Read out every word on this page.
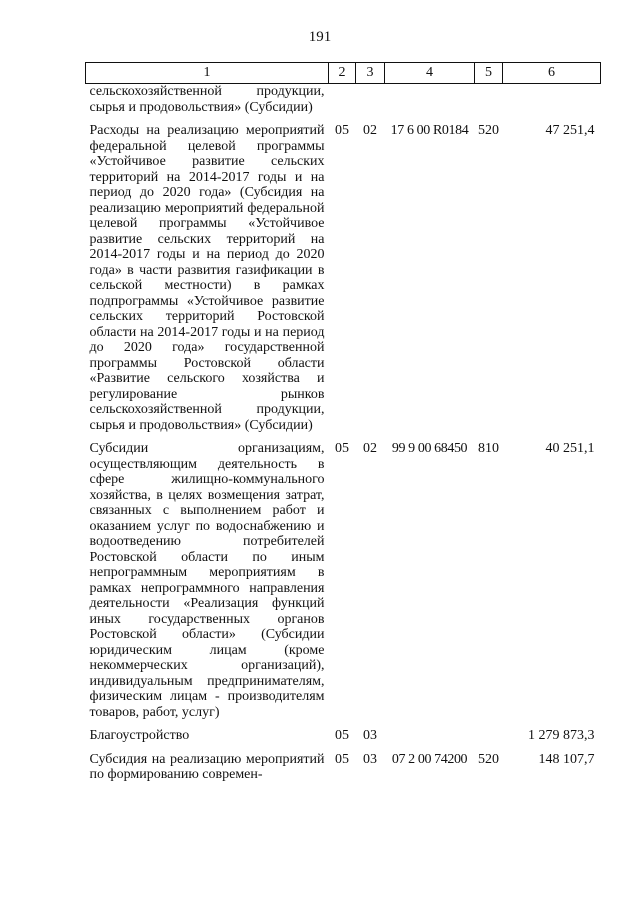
191
1	2	3	4	5	6
сельскохозяйственной продукции, сырья и продовольствия» (Субсидии)					
Расходы на реализацию мероприятий федеральной целевой программы «Устойчивое развитие сельских территорий на 2014-2017 годы и на период до 2020 года» (Субсидия на реализацию мероприятий федеральной целевой программы «Устойчивое развитие сельских территорий на 2014-2017 годы и на период до 2020 года» в части развития газификации в сельской местности) в рамках подпрограммы «Устойчивое развитие сельских территорий Ростовской области на 2014-2017 годы и на период до 2020 года» государственной программы Ростовской области «Развитие сельского хозяйства и регулирование рынков сельскохозяйственной продукции, сырья и продовольствия» (Субсидии)	05	02	17 6 00 R0184	520	47 251,4
Субсидии организациям, осуществляющим деятельность в сфере жилищно-коммунального хозяйства, в целях возмещения затрат, связанных с выполнением работ и оказанием услуг по водоснабжению и водоотведению потребителей Ростовской области по иным непрограммным мероприятиям в рамках непрограммного направления деятельности «Реализация функций иных государственных органов Ростовской области» (Субсидии юридическим лицам (кроме некоммерческих организаций), индивидуальным предпринимателям, физическим лицам - производителям товаров, работ, услуг)	05	02	99 9 00 68450	810	40 251,1
Благоустройство	05	03			1 279 873,3
Субсидия на реализацию мероприятий по формированию современ-	05	03	07 2 00 74200	520	148 107,7
